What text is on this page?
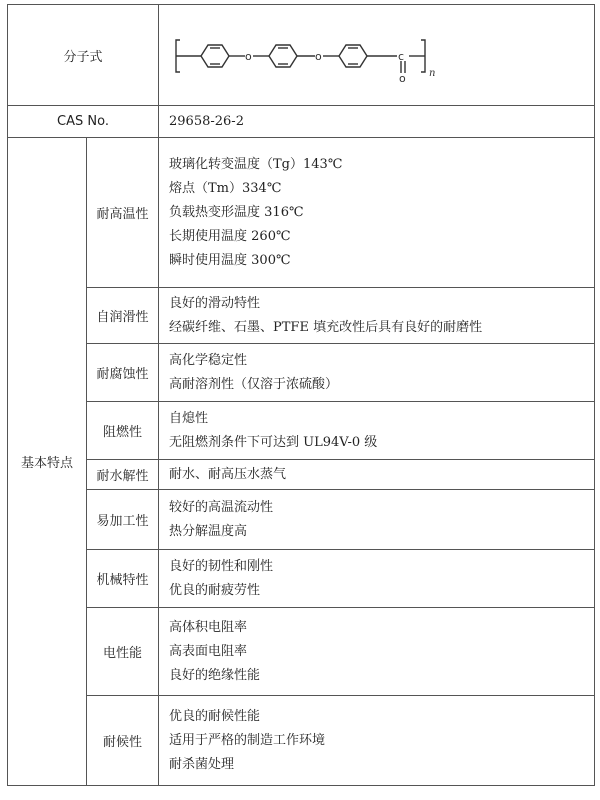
分子式		o o c
o n

CAS No.		29658-26-2
基本特点	耐高温性	玻璃化转变温度（Tg）143℃
熔点（Tm）334℃
负载热变形温度 316℃
长期使用温度 260℃
瞬时使用温度 300℃

	自润滑性	良好的滑动特性
经碳纤维、石墨、PTFE 填充改性后具有良好的耐磨性

	耐腐蚀性	高化学稳定性
高耐溶剂性（仅溶于浓硫酸）

	阻燃性	自熄性
无阻燃剂条件下可达到 UL94V-0 级

	耐水解性	耐水、耐高压水蒸气

	易加工性	较好的高温流动性
热分解温度高

	机械特性	良好的韧性和刚性
优良的耐疲劳性

	电性能	高体积电阻率
高表面电阻率
良好的绝缘性能

	耐候性	优良的耐候性能
适用于严格的制造工作环境
耐杀菌处理
